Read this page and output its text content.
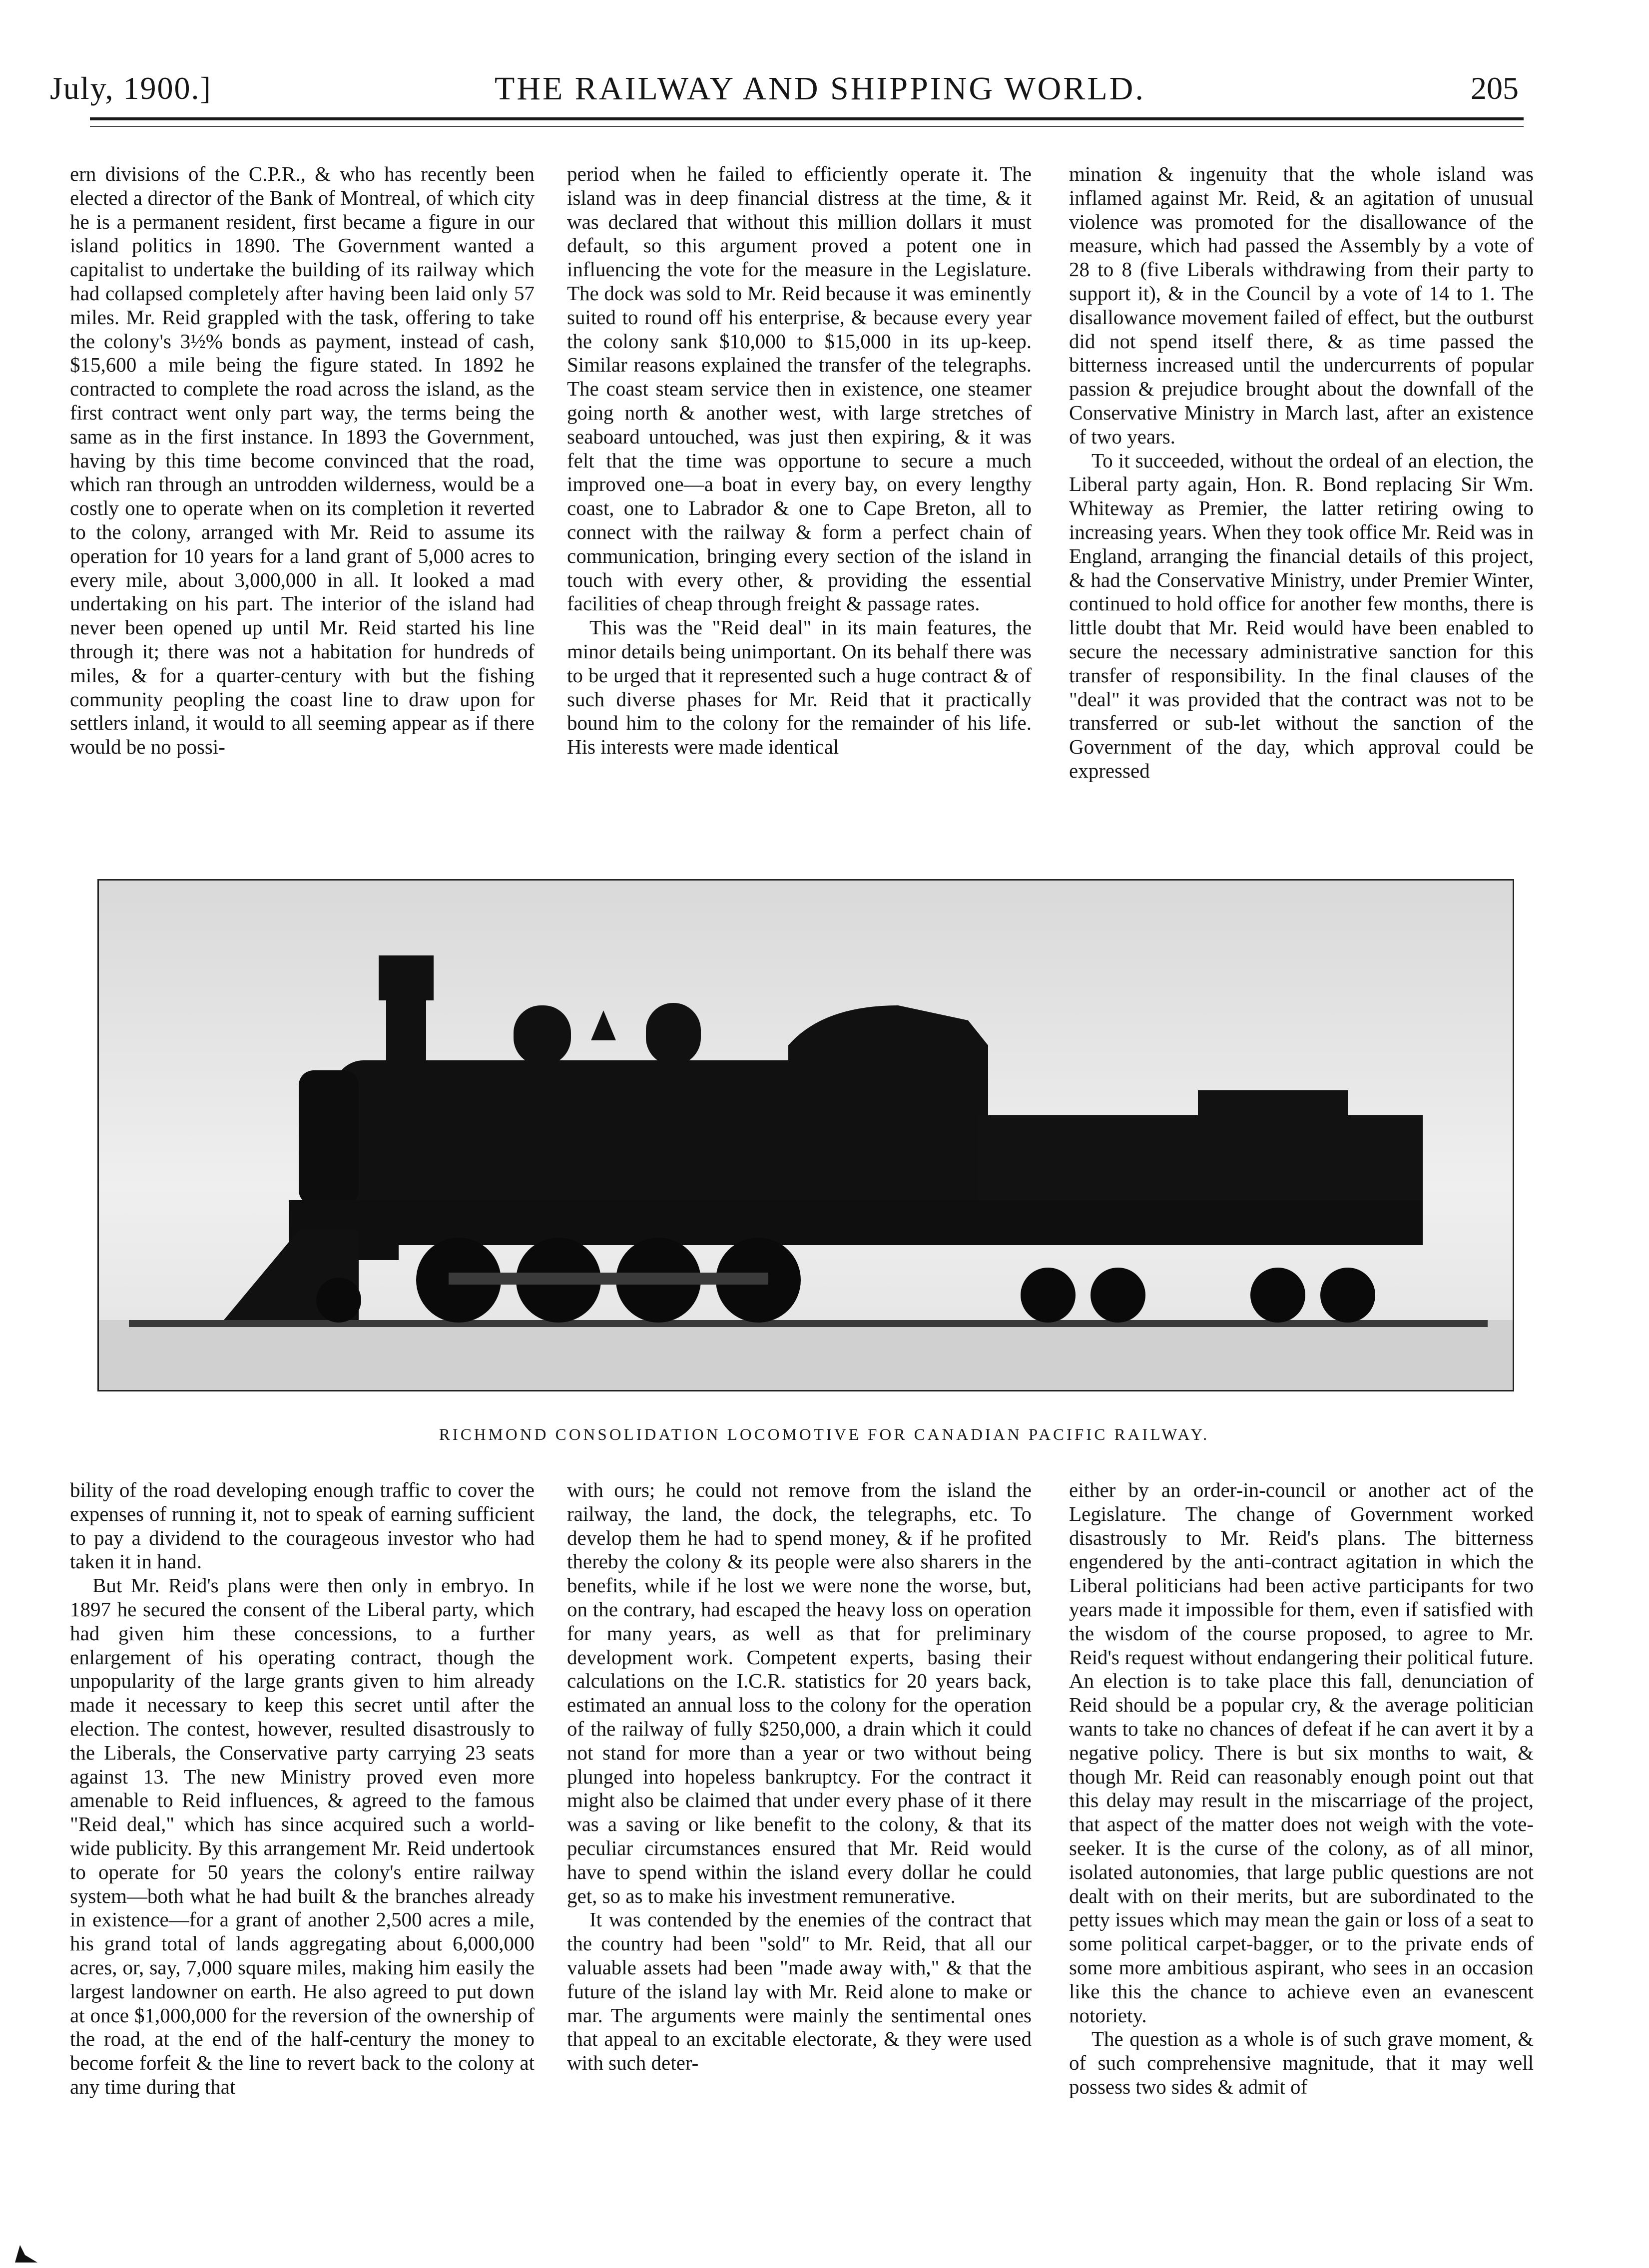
July, 1900.]	THE RAILWAY AND SHIPPING WORLD.	205

ern divisions of the C.P.R., & who has recently been elected a director of the Bank of Montreal, of which city he is a permanent resident, first became a figure in our island politics in 1890. The Government wanted a capitalist to undertake the building of its railway which had collapsed completely after having been laid only 57 miles. Mr. Reid grappled with the task, offering to take the colony's 3½% bonds as payment, instead of cash, $15,600 a mile being the figure stated. In 1892 he contracted to complete the road across the island, as the first contract went only part way, the terms being the same as in the first instance. In 1893 the Government, having by this time become convinced that the road, which ran through an untrodden wilderness, would be a costly one to operate when on its completion it reverted to the colony, arranged with Mr. Reid to assume its operation for 10 years for a land grant of 5,000 acres to every mile, about 3,000,000 in all. It looked a mad undertaking on his part. The interior of the island had never been opened up until Mr. Reid started his line through it; there was not a habitation for hundreds of miles, & for a quarter-century with but the fishing community peopling the coast line to draw upon for settlers inland, it would to all seeming appear as if there would be no possi-

period when he failed to efficiently operate it. The island was in deep financial distress at the time, & it was declared that without this million dollars it must default, so this argument proved a potent one in influencing the vote for the measure in the Legislature. The dock was sold to Mr. Reid because it was eminently suited to round off his enterprise, & because every year the colony sank $10,000 to $15,000 in its up-keep. Similar reasons explained the transfer of the telegraphs. The coast steam service then in existence, one steamer going north & another west, with large stretches of seaboard untouched, was just then expiring, & it was felt that the time was opportune to secure a much improved one—a boat in every bay, on every lengthy coast, one to Labrador & one to Cape Breton, all to connect with the railway & form a perfect chain of communication, bringing every section of the island in touch with every other, & providing the essential facilities of cheap through freight & passage rates.

This was the "Reid deal" in its main features, the minor details being unimportant. On its behalf there was to be urged that it represented such a huge contract & of such diverse phases for Mr. Reid that it practically bound him to the colony for the remainder of his life. His interests were made identical

mination & ingenuity that the whole island was inflamed against Mr. Reid, & an agitation of unusual violence was promoted for the disallowance of the measure, which had passed the Assembly by a vote of 28 to 8 (five Liberals withdrawing from their party to support it), & in the Council by a vote of 14 to 1. The disallowance movement failed of effect, but the outburst did not spend itself there, & as time passed the bitterness increased until the undercurrents of popular passion & prejudice brought about the downfall of the Conservative Ministry in March last, after an existence of two years.

To it succeeded, without the ordeal of an election, the Liberal party again, Hon. R. Bond replacing Sir Wm. Whiteway as Premier, the latter retiring owing to increasing years. When they took office Mr. Reid was in England, arranging the financial details of this project, & had the Conservative Ministry, under Premier Winter, continued to hold office for another few months, there is little doubt that Mr. Reid would have been enabled to secure the necessary administrative sanction for this transfer of responsibility. In the final clauses of the "deal" it was provided that the contract was not to be transferred or sub-let without the sanction of the Government of the day, which approval could be expressed

RICHMOND CONSOLIDATION LOCOMOTIVE FOR CANADIAN PACIFIC RAILWAY.

bility of the road developing enough traffic to cover the expenses of running it, not to speak of earning sufficient to pay a dividend to the courageous investor who had taken it in hand.

But Mr. Reid's plans were then only in embryo. In 1897 he secured the consent of the Liberal party, which had given him these concessions, to a further enlargement of his operating contract, though the unpopularity of the large grants given to him already made it necessary to keep this secret until after the election. The contest, however, resulted disastrously to the Liberals, the Conservative party carrying 23 seats against 13. The new Ministry proved even more amenable to Reid influences, & agreed to the famous "Reid deal," which has since acquired such a world-wide publicity. By this arrangement Mr. Reid undertook to operate for 50 years the colony's entire railway system—both what he had built & the branches already in existence—for a grant of another 2,500 acres a mile, his grand total of lands aggregating about 6,000,000 acres, or, say, 7,000 square miles, making him easily the largest landowner on earth. He also agreed to put down at once $1,000,000 for the reversion of the ownership of the road, at the end of the half-century the money to become forfeit & the line to revert back to the colony at any time during that

with ours; he could not remove from the island the railway, the land, the dock, the telegraphs, etc. To develop them he had to spend money, & if he profited thereby the colony & its people were also sharers in the benefits, while if he lost we were none the worse, but, on the contrary, had escaped the heavy loss on operation for many years, as well as that for preliminary development work. Competent experts, basing their calculations on the I.C.R. statistics for 20 years back, estimated an annual loss to the colony for the operation of the railway of fully $250,000, a drain which it could not stand for more than a year or two without being plunged into hopeless bankruptcy. For the contract it might also be claimed that under every phase of it there was a saving or like benefit to the colony, & that its peculiar circumstances ensured that Mr. Reid would have to spend within the island every dollar he could get, so as to make his investment remunerative.

It was contended by the enemies of the contract that the country had been "sold" to Mr. Reid, that all our valuable assets had been "made away with," & that the future of the island lay with Mr. Reid alone to make or mar. The arguments were mainly the sentimental ones that appeal to an excitable electorate, & they were used with such deter-

either by an order-in-council or another act of the Legislature. The change of Government worked disastrously to Mr. Reid's plans. The bitterness engendered by the anti-contract agitation in which the Liberal politicians had been active participants for two years made it impossible for them, even if satisfied with the wisdom of the course proposed, to agree to Mr. Reid's request without endangering their political future. An election is to take place this fall, denunciation of Reid should be a popular cry, & the average politician wants to take no chances of defeat if he can avert it by a negative policy. There is but six months to wait, & though Mr. Reid can reasonably enough point out that this delay may result in the miscarriage of the project, that aspect of the matter does not weigh with the vote-seeker. It is the curse of the colony, as of all minor, isolated autonomies, that large public questions are not dealt with on their merits, but are subordinated to the petty issues which may mean the gain or loss of a seat to some political carpet-bagger, or to the private ends of some more ambitious aspirant, who sees in an occasion like this the chance to achieve even an evanescent notoriety.

The question as a whole is of such grave moment, & of such comprehensive magnitude, that it may well possess two sides & admit of
